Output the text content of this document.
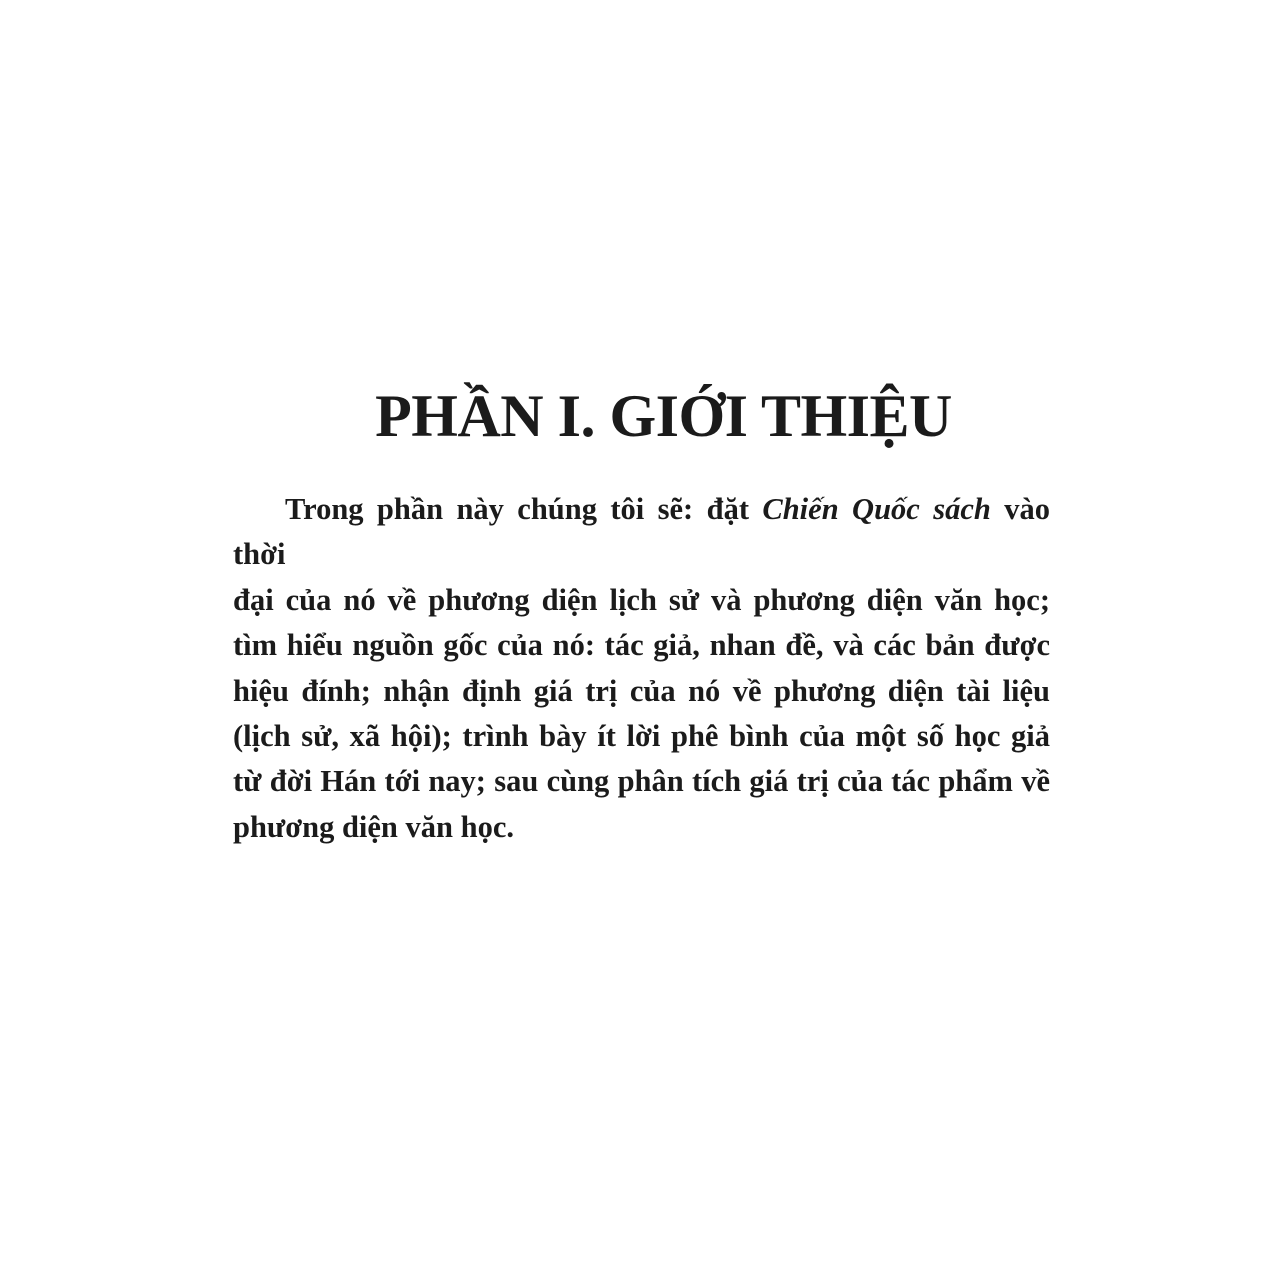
PHẦN I. GIỚI THIỆU
Trong phần này chúng tôi sẽ: đặt Chiến Quốc sách vào thời
đại của nó về phương diện lịch sử và phương diện văn học;
tìm hiểu nguồn gốc của nó: tác giả, nhan đề, và các bản được
hiệu đính; nhận định giá trị của nó về phương diện tài liệu
(lịch sử, xã hội); trình bày ít lời phê bình của một số học giả
từ đời Hán tới nay; sau cùng phân tích giá trị của tác phẩm về
phương diện văn học.
